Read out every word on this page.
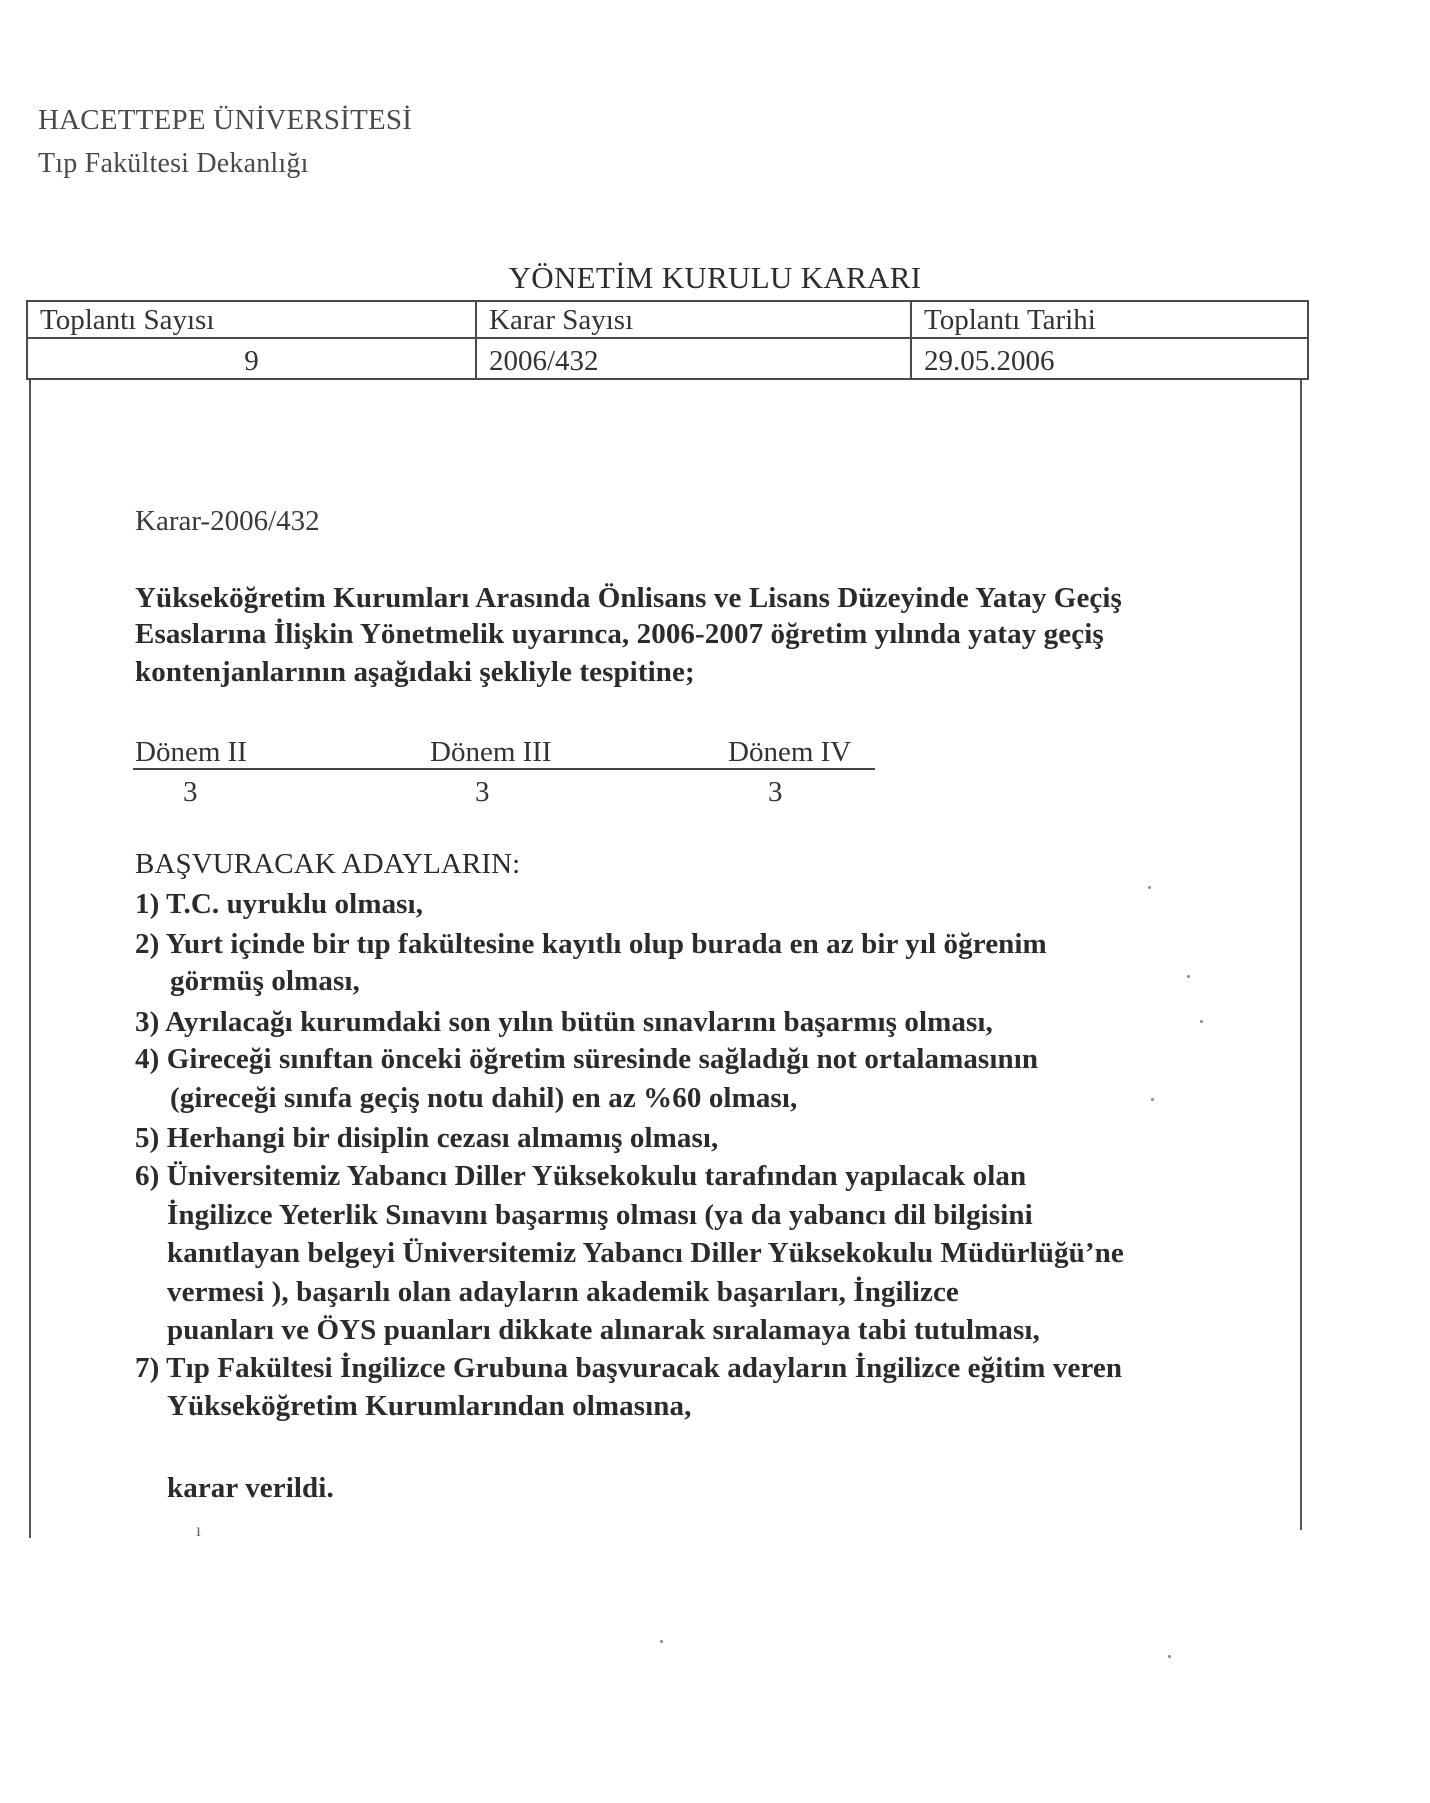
HACETTEPE ÜNİVERSİTESİ
Tıp Fakültesi Dekanlığı
YÖNETİM KURULU KARARI
Toplantı Sayısı	Karar Sayısı	Toplantı Tarihi
9	2006/432	29.05.2006
Karar-2006/432
Yükseköğretim Kurumları Arasında Önlisans ve Lisans Düzeyinde Yatay Geçiş
Esaslarına İlişkin Yönetmelik uyarınca, 2006-2007 öğretim yılında yatay geçiş
kontenjanlarının aşağıdaki şekliyle tespitine;
Dönem II	Dönem III	Dönem IV
3	3	3
BAŞVURACAK ADAYLARIN:
1) T.C. uyruklu olması,
2) Yurt içinde bir tıp fakültesine kayıtlı olup burada en az bir yıl öğrenim
görmüş olması,
3) Ayrılacağı kurumdaki son yılın bütün sınavlarını başarmış olması,
4) Gireceği sınıftan önceki öğretim süresinde sağladığı not ortalamasının
(gireceği sınıfa geçiş notu dahil) en az %60 olması,
5) Herhangi bir disiplin cezası almamış olması,
6) Üniversitemiz Yabancı Diller Yüksekokulu tarafından yapılacak olan
İngilizce Yeterlik Sınavını başarmış olması (ya da yabancı dil bilgisini
kanıtlayan belgeyi Üniversitemiz Yabancı Diller Yüksekokulu Müdürlüğü’ne
vermesi ), başarılı olan adayların akademik başarıları, İngilizce
puanları ve ÖYS puanları dikkate alınarak sıralamaya tabi tutulması,
7) Tıp Fakültesi İngilizce Grubuna başvuracak adayların İngilizce eğitim veren
Yükseköğretim Kurumlarından olmasına,
karar verildi.
ı
